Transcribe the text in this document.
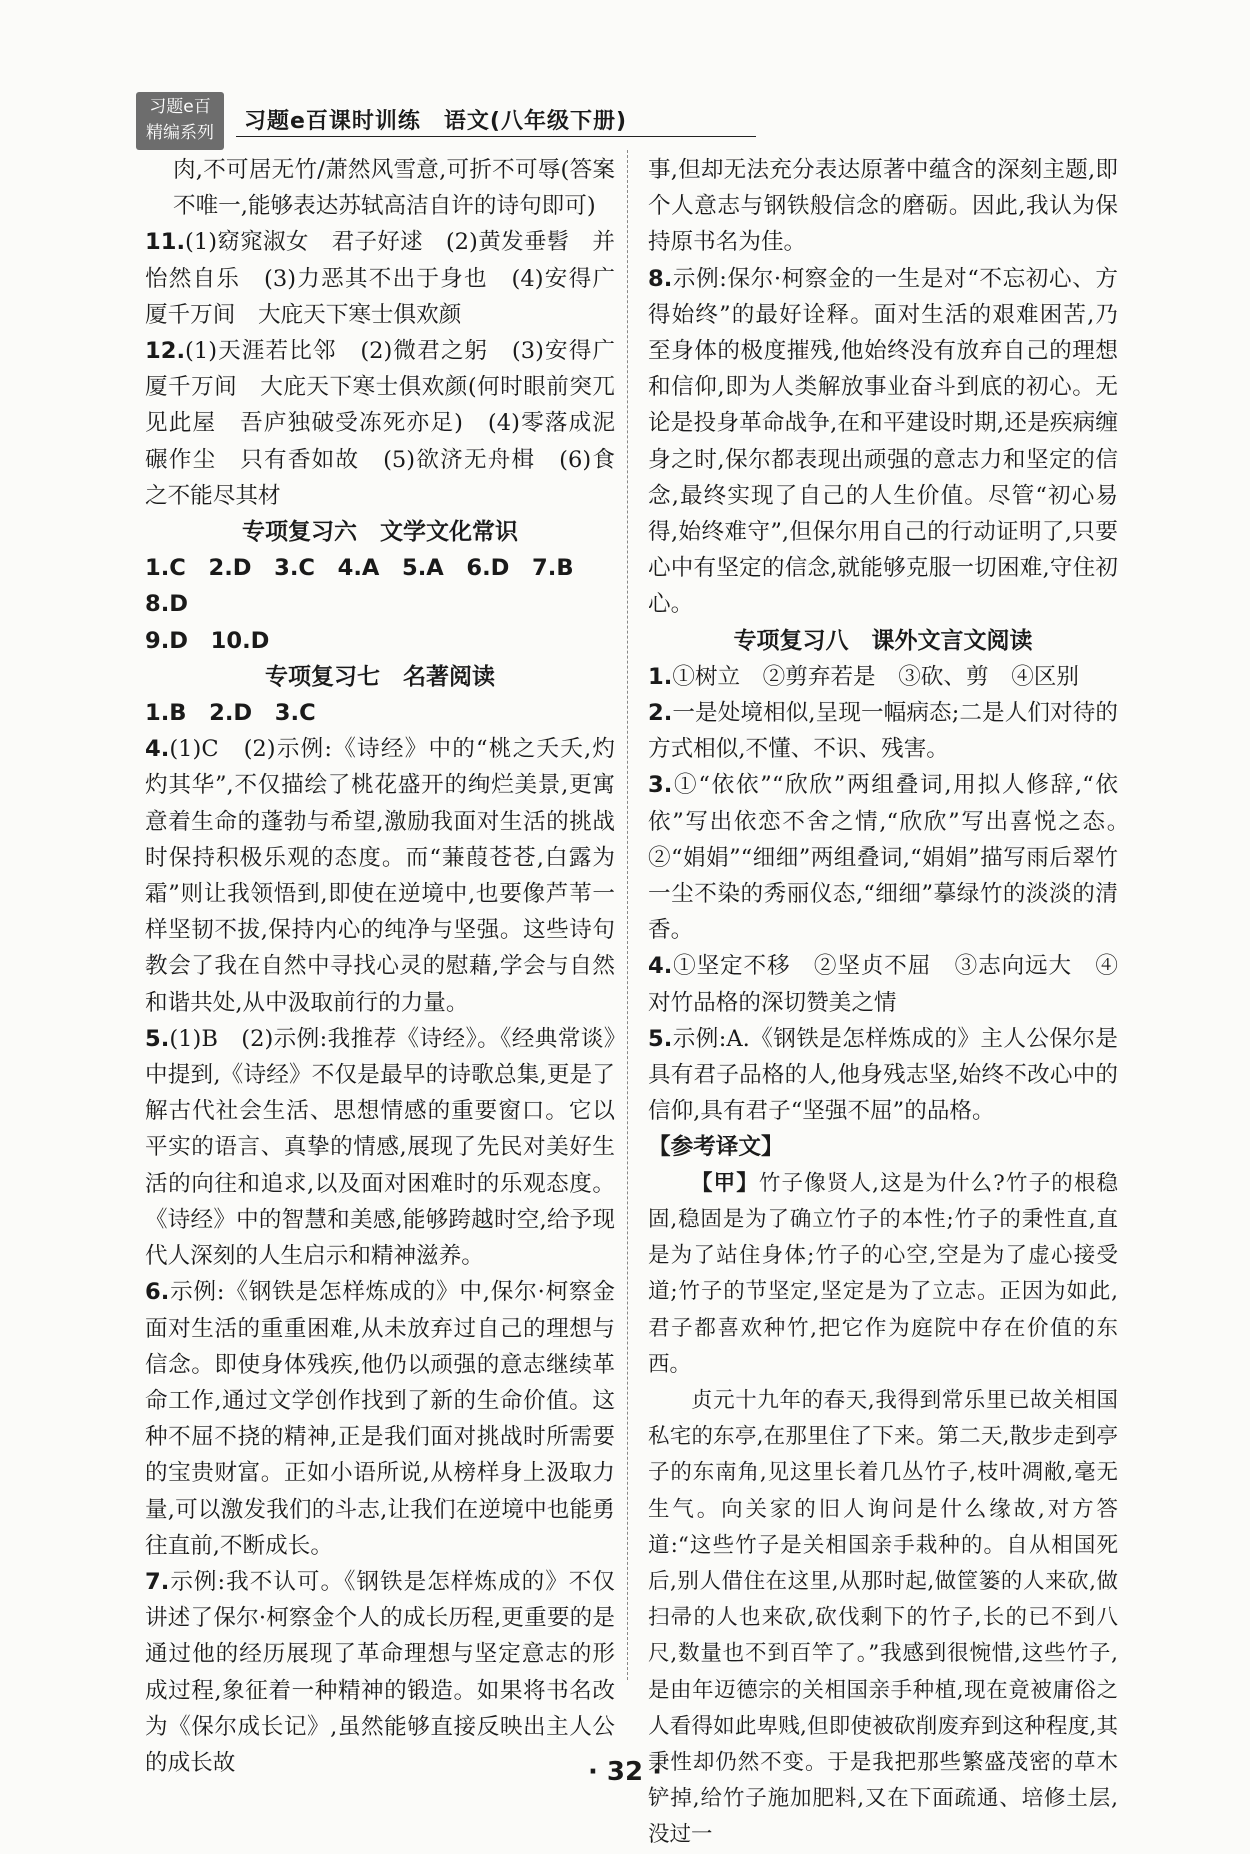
习题e百
精编系列	习题e百课时训练　语文(八年级下册)

肉,不可居无竹/萧然风雪意,可折不可辱(答案不唯一,能够表达苏轼高洁自许的诗句即可)

11.(1)窈窕淑女　君子好逑　(2)黄发垂髫　并怡然自乐　(3)力恶其不出于身也　(4)安得广厦千万间　大庇天下寒士俱欢颜

12.(1)天涯若比邻　(2)微君之躬　(3)安得广厦千万间　大庇天下寒士俱欢颜(何时眼前突兀见此屋　吾庐独破受冻死亦足)　(4)零落成泥碾作尘　只有香如故　(5)欲济无舟楫　(6)食之不能尽其材

专项复习六　文学文化常识

1.C　2.D　3.C　4.A　5.A　6.D　7.B　8.D

9.D　10.D

专项复习七　名著阅读

1.B　2.D　3.C

4.(1)C　(2)示例:《诗经》中的“桃之夭夭,灼灼其华”,不仅描绘了桃花盛开的绚烂美景,更寓意着生命的蓬勃与希望,激励我面对生活的挑战时保持积极乐观的态度。而“蒹葭苍苍,白露为霜”则让我领悟到,即使在逆境中,也要像芦苇一样坚韧不拔,保持内心的纯净与坚强。这些诗句教会了我在自然中寻找心灵的慰藉,学会与自然和谐共处,从中汲取前行的力量。

5.(1)B　(2)示例:我推荐《诗经》。《经典常谈》中提到,《诗经》不仅是最早的诗歌总集,更是了解古代社会生活、思想情感的重要窗口。它以平实的语言、真挚的情感,展现了先民对美好生活的向往和追求,以及面对困难时的乐观态度。《诗经》中的智慧和美感,能够跨越时空,给予现代人深刻的人生启示和精神滋养。

6.示例:《钢铁是怎样炼成的》中,保尔·柯察金面对生活的重重困难,从未放弃过自己的理想与信念。即使身体残疾,他仍以顽强的意志继续革命工作,通过文学创作找到了新的生命价值。这种不屈不挠的精神,正是我们面对挑战时所需要的宝贵财富。正如小语所说,从榜样身上汲取力量,可以激发我们的斗志,让我们在逆境中也能勇往直前,不断成长。

7.示例:我不认可。《钢铁是怎样炼成的》不仅讲述了保尔·柯察金个人的成长历程,更重要的是通过他的经历展现了革命理想与坚定意志的形成过程,象征着一种精神的锻造。如果将书名改为《保尔成长记》,虽然能够直接反映出主人公的成长故

事,但却无法充分表达原著中蕴含的深刻主题,即个人意志与钢铁般信念的磨砺。因此,我认为保持原书名为佳。

8.示例:保尔·柯察金的一生是对“不忘初心、方得始终”的最好诠释。面对生活的艰难困苦,乃至身体的极度摧残,他始终没有放弃自己的理想和信仰,即为人类解放事业奋斗到底的初心。无论是投身革命战争,在和平建设时期,还是疾病缠身之时,保尔都表现出顽强的意志力和坚定的信念,最终实现了自己的人生价值。尽管“初心易得,始终难守”,但保尔用自己的行动证明了,只要心中有坚定的信念,就能够克服一切困难,守住初心。

专项复习八　课外文言文阅读

1.①树立　②剪弃若是　③砍、剪　④区别

2.一是处境相似,呈现一幅病态;二是人们对待的方式相似,不懂、不识、残害。

3.①“依依”“欣欣”两组叠词,用拟人修辞,“依依”写出依恋不舍之情,“欣欣”写出喜悦之态。　②“娟娟”“细细”两组叠词,“娟娟”描写雨后翠竹一尘不染的秀丽仪态,“细细”摹绿竹的淡淡的清香。

4.①坚定不移　②坚贞不屈　③志向远大　④对竹品格的深切赞美之情

5.示例:A.《钢铁是怎样炼成的》主人公保尔是具有君子品格的人,他身残志坚,始终不改心中的信仰,具有君子“坚强不屈”的品格。

【参考译文】

【甲】竹子像贤人,这是为什么?竹子的根稳固,稳固是为了确立竹子的本性;竹子的秉性直,直是为了站住身体;竹子的心空,空是为了虚心接受道;竹子的节坚定,坚定是为了立志。正因为如此,君子都喜欢种竹,把它作为庭院中存在价值的东西。

贞元十九年的春天,我得到常乐里已故关相国私宅的东亭,在那里住了下来。第二天,散步走到亭子的东南角,见这里长着几丛竹子,枝叶凋敝,毫无生气。向关家的旧人询问是什么缘故,对方答道:“这些竹子是关相国亲手栽种的。自从相国死后,别人借住在这里,从那时起,做筐篓的人来砍,做扫帚的人也来砍,砍伐剩下的竹子,长的已不到八尺,数量也不到百竿了。”我感到很惋惜,这些竹子,是由年迈德宗的关相国亲手种植,现在竟被庸俗之人看得如此卑贱,但即使被砍削废弃到这种程度,其秉性却仍然不变。于是我把那些繁盛茂密的草木铲掉,给竹子施加肥料,又在下面疏通、培修土层,没过一

· 32 ·
